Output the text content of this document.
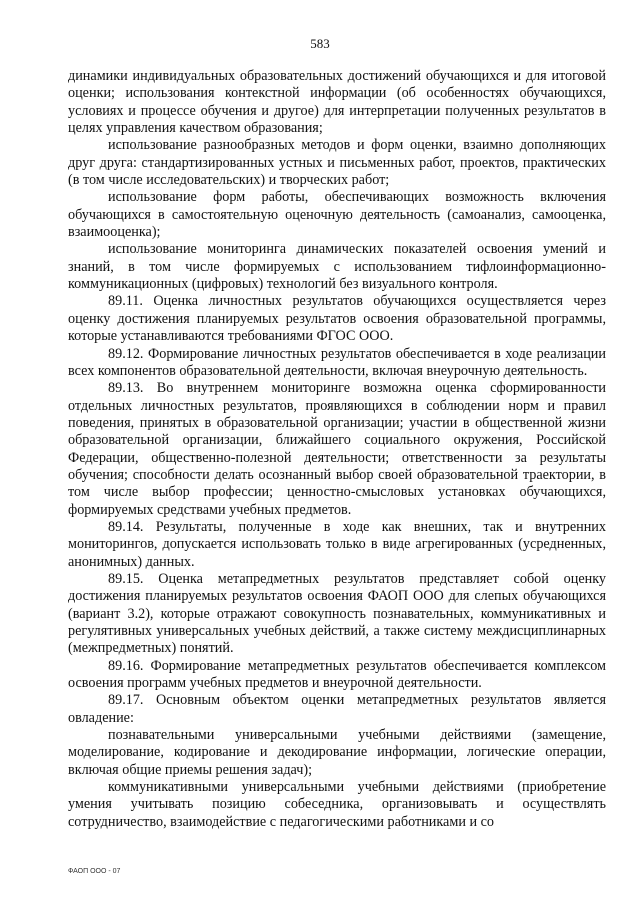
583

динамики индивидуальных образовательных достижений обучающихся и для итоговой оценки; использования контекстной информации (об особенностях обучающихся, условиях и процессе обучения и другое) для интерпретации полученных результатов в целях управления качеством образования;

использование разнообразных методов и форм оценки, взаимно дополняющих друг друга: стандартизированных устных и письменных работ, проектов, практических (в том числе исследовательских) и творческих работ;

использование форм работы, обеспечивающих возможность включения обучающихся в самостоятельную оценочную деятельность (самоанализ, самооценка, взаимооценка);

использование мониторинга динамических показателей освоения умений и знаний, в том числе формируемых с использованием тифлоинформационно-коммуникационных (цифровых) технологий без визуального контроля.

89.11. Оценка личностных результатов обучающихся осуществляется через оценку достижения планируемых результатов освоения образовательной программы, которые устанавливаются требованиями ФГОС ООО.

89.12. Формирование личностных результатов обеспечивается в ходе реализации всех компонентов образовательной деятельности, включая внеурочную деятельность.

89.13. Во внутреннем мониторинге возможна оценка сформированности отдельных личностных результатов, проявляющихся в соблюдении норм и правил поведения, принятых в образовательной организации; участии в общественной жизни образовательной организации, ближайшего социального окружения, Российской Федерации, общественно-полезной деятельности; ответственности за результаты обучения; способности делать осознанный выбор своей образовательной траектории, в том числе выбор профессии; ценностно-смысловых установках обучающихся, формируемых средствами учебных предметов.

89.14. Результаты, полученные в ходе как внешних, так и внутренних мониторингов, допускается использовать только в виде агрегированных (усредненных, анонимных) данных.

89.15. Оценка метапредметных результатов представляет собой оценку достижения планируемых результатов освоения ФАОП ООО для слепых обучающихся (вариант 3.2), которые отражают совокупность познавательных, коммуникативных и регулятивных универсальных учебных действий, а также систему междисциплинарных (межпредметных) понятий.

89.16. Формирование метапредметных результатов обеспечивается комплексом освоения программ учебных предметов и внеурочной деятельности.

89.17. Основным объектом оценки метапредметных результатов является овладение:

познавательными универсальными учебными действиями (замещение, моделирование, кодирование и декодирование информации, логические операции, включая общие приемы решения задач);

коммуникативными универсальными учебными действиями (приобретение умения учитывать позицию собеседника, организовывать и осуществлять сотрудничество, взаимодействие с педагогическими работниками и со

ФАОП ООО - 07
